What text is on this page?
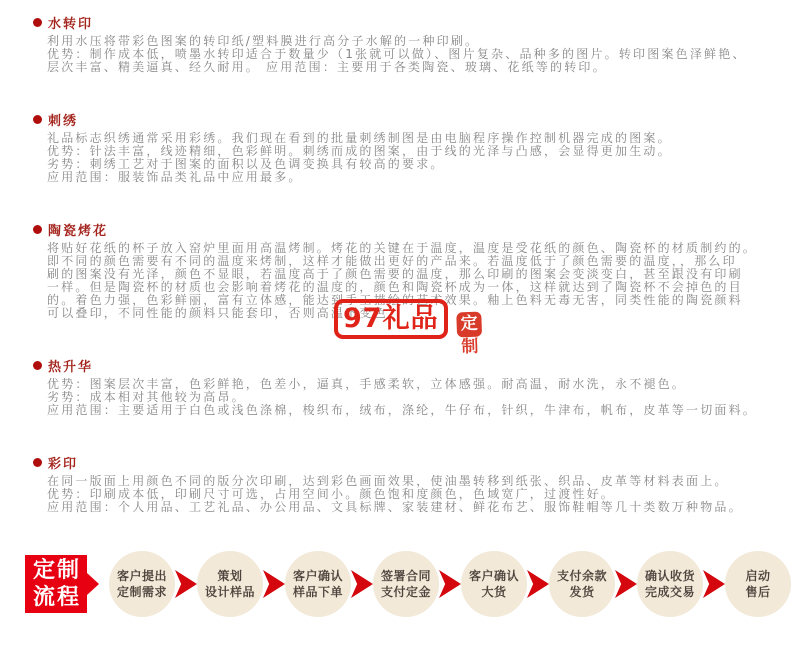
水转印
利用水压将带彩色图案的转印纸/塑料膜进行高分子水解的一种印刷。
优势：制作成本低，喷墨水转印适合于数量少（1张就可以做）、图片复杂、品种多的图片。转印图案色泽鲜艳、
层次丰富、精美逼真、经久耐用。 应用范围：主要用于各类陶瓷、玻璃、花纸等的转印。
刺绣
礼品标志织绣通常采用彩绣。我们现在看到的批量刺绣制图是由电脑程序操作控制机器完成的图案。
优势：针法丰富，线迹精细，色彩鲜明。刺绣而成的图案，由于线的光泽与凸感，会显得更加生动。
劣势：刺绣工艺对于图案的面积以及色调变换具有较高的要求。
应用范围：服装饰品类礼品中应用最多。
陶瓷烤花
将贴好花纸的杯子放入窑炉里面用高温烤制。烤花的关键在于温度，温度是受花纸的颜色、陶瓷杯的材质制约的。
即不同的颜色需要有不同的温度来烤制，这样才能做出更好的产品来。若温度低于了颜色需要的温度，，那么印
刷的图案没有光泽，颜色不显眼，若温度高于了颜色需要的温度，那么印刷的图案会变淡变白，甚至跟没有印刷
一样。但是陶瓷杯的材质也会影响着烤花的温度的，颜色和陶瓷杯成为一体，这样就达到了陶瓷杯不会掉色的目
的。着色力强，色彩鲜丽，富有立体感，能达到手工描绘的艺术效果。釉上色料无毒无害，同类性能的陶瓷颜料
可以叠印，不同性能的颜料只能套印，否则高温下变色。
热升华
优势：图案层次丰富，色彩鲜艳，色差小，逼真，手感柔软，立体感强。耐高温，耐水洗，永不褪色。
劣势：成本相对其他较为高昂。
应用范围：主要适用于白色或浅色涤棉，梭织布，绒布，涤纶，牛仔布，针织，牛津布，帆布，皮革等一切面料。
彩印
在同一版面上用颜色不同的版分次印刷，达到彩色画面效果，使油墨转移到纸张、织品、皮革等材料表面上。
优势：印刷成本低，印刷尺寸可选，占用空间小。颜色饱和度颜色，色域宽广，过渡性好。
应用范围：个人用品、工艺礼品、办公用品、文具标牌、家装建材、鲜花布艺、服饰鞋帽等几十类数万种物品。
97礼品	定
制
定制
流程
客户提出
定制需求
策划
设计样品
客户确认
样品下单
签署合同
支付定金
客户确认
大货
支付余款
发货
确认收货
完成交易
启动
售后
